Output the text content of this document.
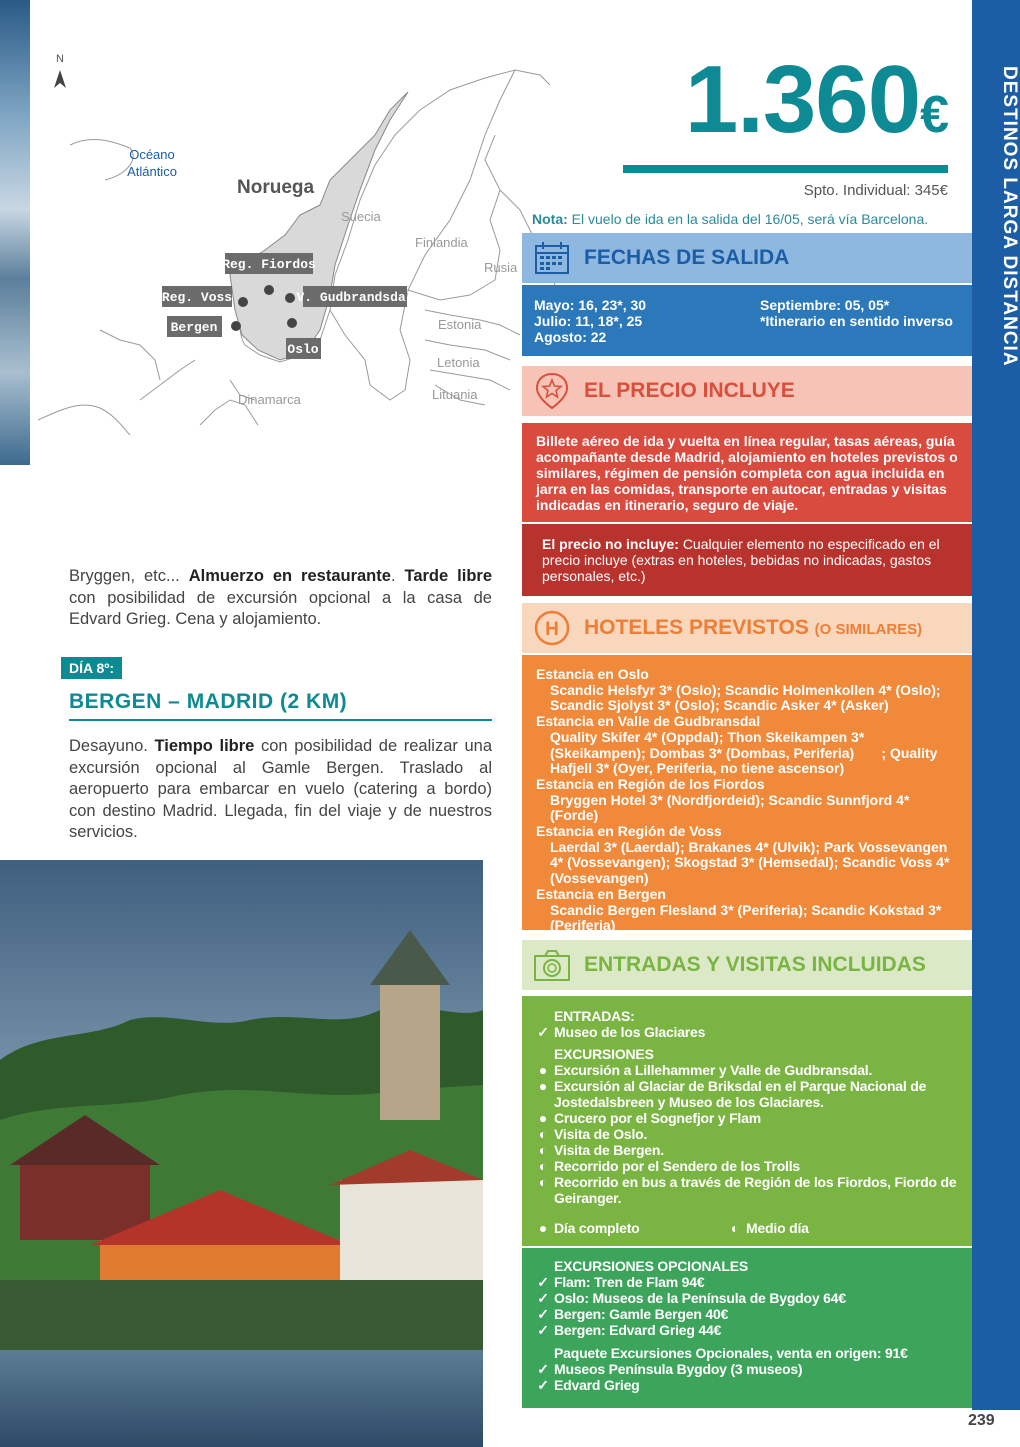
N
Océano
Atlántico
Noruega
Suecia
Finlandia
Rusia
Estonia
Letonia
Lituania
Dinamarca
Reg. Fiordos
Reg. Voss
Bergen
V. Gudbrandsdal
Oslo
Bryggen, etc... Almuerzo en restaurante. Tarde libre con posibilidad de excursión opcional a la casa de Edvard Grieg. Cena y alojamiento.
DÍA 8º:
BERGEN – MADRID (2 KM)
Desayuno. Tiempo libre con posibilidad de realizar una excursión opcional al Gamle Bergen. Traslado al aeropuerto para embarcar en vuelo (catering a bordo) con destino Madrid. Llegada, fin del viaje y de nuestros servicios.
1.360€
Spto. Individual: 345€
Nota: El vuelo de ida en la salida del 16/05, será vía Barcelona.
FECHAS DE SALIDA
Mayo: 16, 23*, 30
Julio: 11, 18*, 25
Agosto: 22
Septiembre: 05, 05*
*Itinerario en sentido inverso
EL PRECIO INCLUYE
Billete aéreo de ida y vuelta en línea regular, tasas aéreas, guía acompañante desde Madrid, alojamiento en hoteles previstos o similares, régimen de pensión completa con agua incluida en jarra en las comidas, transporte en autocar, entradas y visitas indicadas en itinerario, seguro de viaje.
El precio no incluye: Cualquier elemento no especificado en el precio incluye (extras en hoteles, bebidas no indicadas, gastos personales, etc.)
H HOTELES PREVISTOS (O SIMILARES)
Estancia en Oslo
Scandic Helsfyr 3* (Oslo); Scandic Holmenkollen 4* (Oslo); Scandic Sjolyst 3* (Oslo); Scandic Asker 4* (Asker)
Estancia en Valle de Gudbransdal
Quality Skifer 4* (Oppdal); Thon Skeikampen 3* (Skeikampen); Dombas 3* (Dombas, Periferia)       ; Quality Hafjell 3* (Oyer, Periferia, no tiene ascensor)
Estancia en Región de los Fiordos
Bryggen Hotel 3* (Nordfjordeid); Scandic Sunnfjord 4* (Forde)
Estancia en Región de Voss
Laerdal 3* (Laerdal); Brakanes 4* (Ulvik); Park Vossevangen 4* (Vossevangen); Skogstad 3* (Hemsedal); Scandic Voss 4* (Vossevangen)
Estancia en Bergen
Scandic Bergen Flesland 3* (Periferia); Scandic Kokstad 3* (Periferia)
ENTRADAS Y VISITAS INCLUIDAS
ENTRADAS:
✓ Museo de los Glaciares
EXCURSIONES
● Excursión a Lillehammer y Valle de Gudbransdal.
● Excursión al Glaciar de Briksdal en el Parque Nacional de Jostedalsbreen y Museo de los Glaciares.
● Crucero por el Sognefjor y Flam
◐ Visita de Oslo.
◐ Visita de Bergen.
◐ Recorrido por el Sendero de los Trolls
◐ Recorrido en bus a través de Región de los Fiordos, Fiordo de Geiranger.
● Día completo	◐ Medio día
EXCURSIONES OPCIONALES
✓ Flam: Tren de Flam 94€
✓ Oslo: Museos de la Península de Bygdoy 64€
✓ Bergen: Gamle Bergen 40€
✓ Bergen: Edvard Grieg 44€
Paquete Excursiones Opcionales, venta en origen: 91€
✓ Museos Península Bygdoy (3 museos)
✓ Edvard Grieg
DESTINOS LARGA DISTANCIA
239
